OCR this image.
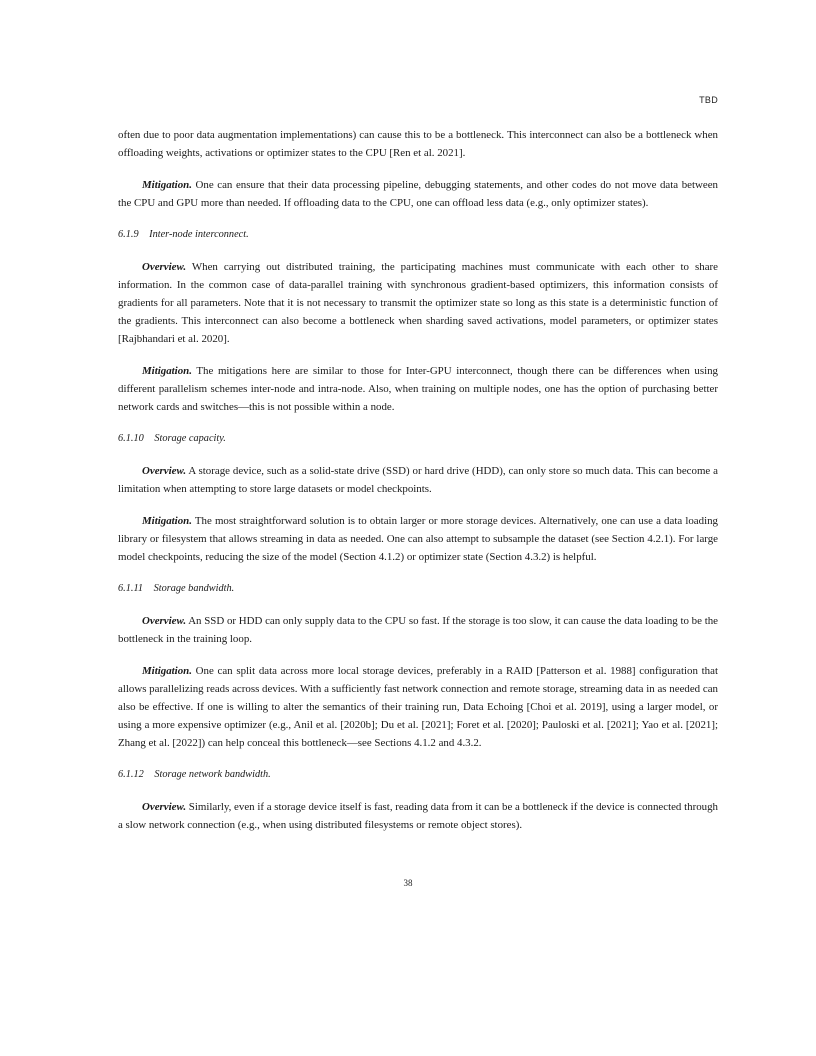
TBD

often due to poor data augmentation implementations) can cause this to be a bottleneck. This interconnect can also be a bottleneck when offloading weights, activations or optimizer states to the CPU [Ren et al. 2021].

Mitigation. One can ensure that their data processing pipeline, debugging statements, and other codes do not move data between the CPU and GPU more than needed. If offloading data to the CPU, one can offload less data (e.g., only optimizer states).

6.1.9 Inter-node interconnect.

Overview. When carrying out distributed training, the participating machines must communicate with each other to share information. In the common case of data-parallel training with synchronous gradient-based optimizers, this information consists of gradients for all parameters. Note that it is not necessary to transmit the optimizer state so long as this state is a deterministic function of the gradients. This interconnect can also become a bottleneck when sharding saved activations, model parameters, or optimizer states [Rajbhandari et al. 2020].

Mitigation. The mitigations here are similar to those for Inter-GPU interconnect, though there can be differences when using different parallelism schemes inter-node and intra-node. Also, when training on multiple nodes, one has the option of purchasing better network cards and switches—this is not possible within a node.

6.1.10 Storage capacity.

Overview. A storage device, such as a solid-state drive (SSD) or hard drive (HDD), can only store so much data. This can become a limitation when attempting to store large datasets or model checkpoints.

Mitigation. The most straightforward solution is to obtain larger or more storage devices. Alternatively, one can use a data loading library or filesystem that allows streaming in data as needed. One can also attempt to subsample the dataset (see Section 4.2.1). For large model checkpoints, reducing the size of the model (Section 4.1.2) or optimizer state (Section 4.3.2) is helpful.

6.1.11 Storage bandwidth.

Overview. An SSD or HDD can only supply data to the CPU so fast. If the storage is too slow, it can cause the data loading to be the bottleneck in the training loop.

Mitigation. One can split data across more local storage devices, preferably in a RAID [Patterson et al. 1988] configuration that allows parallelizing reads across devices. With a sufficiently fast network connection and remote storage, streaming data in as needed can also be effective. If one is willing to alter the semantics of their training run, Data Echoing [Choi et al. 2019], using a larger model, or using a more expensive optimizer (e.g., Anil et al. [2020b]; Du et al. [2021]; Foret et al. [2020]; Pauloski et al. [2021]; Yao et al. [2021]; Zhang et al. [2022]) can help conceal this bottleneck—see Sections 4.1.2 and 4.3.2.

6.1.12 Storage network bandwidth.

Overview. Similarly, even if a storage device itself is fast, reading data from it can be a bottleneck if the device is connected through a slow network connection (e.g., when using distributed filesystems or remote object stores).

38
